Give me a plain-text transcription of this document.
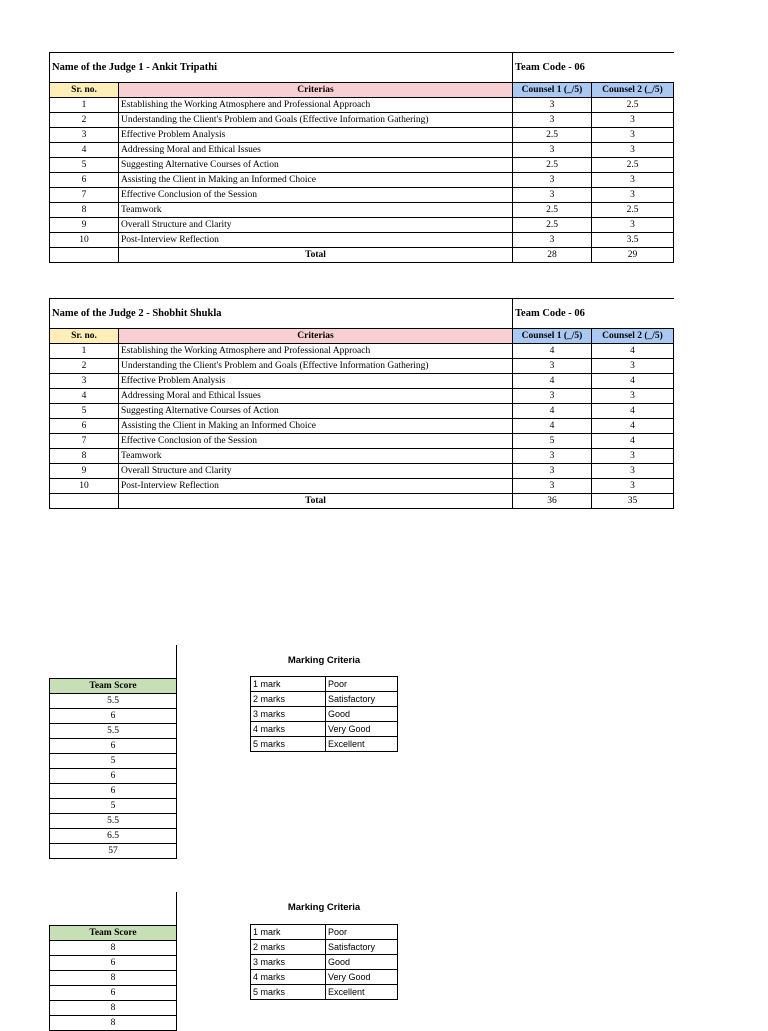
Name of the Judge 1 - Ankit Tripathi		Team Code - 06	
Sr. no.	Criterias	Counsel 1 (_/5)	Counsel 2 (_/5)
1	Establishing the Working Atmosphere and Professional Approach	3	2.5
2	Understanding the Client's Problem and Goals (Effective Information Gathering)	3	3
3	Effective Problem Analysis	2.5	3
4	Addressing Moral and Ethical Issues	3	3
5	Suggesting Alternative Courses of Action	2.5	2.5
6	Assisting the Client in Making an Informed Choice	3	3
7	Effective Conclusion of the Session	3	3
8	Teamwork	2.5	2.5
9	Overall Structure and Clarity	2.5	3
10	Post-Interview Reflection	3	3.5
	Total	28	29
Name of the Judge 2 - Shobhit Shukla		Team Code - 06	
Sr. no.	Criterias	Counsel 1 (_/5)	Counsel 2 (_/5)
1	Establishing the Working Atmosphere and Professional Approach	4	4
2	Understanding the Client's Problem and Goals (Effective Information Gathering)	3	3
3	Effective Problem Analysis	4	4
4	Addressing Moral and Ethical Issues	3	3
5	Suggesting Alternative Courses of Action	4	4
6	Assisting the Client in Making an Informed Choice	4	4
7	Effective Conclusion of the Session	5	4
8	Teamwork	3	3
9	Overall Structure and Clarity	3	3
10	Post-Interview Reflection	3	3
	Total	36	35

Team Score
5.5
6
5.5
6
5
6
6
5
5.5
6.5
57
Marking Criteria
1 mark	Poor
2 marks	Satisfactory
3 marks	Good
4 marks	Very Good
5 marks	Excellent

Team Score
8
6
8
6
8
8
Marking Criteria
1 mark	Poor
2 marks	Satisfactory
3 marks	Good
4 marks	Very Good
5 marks	Excellent
